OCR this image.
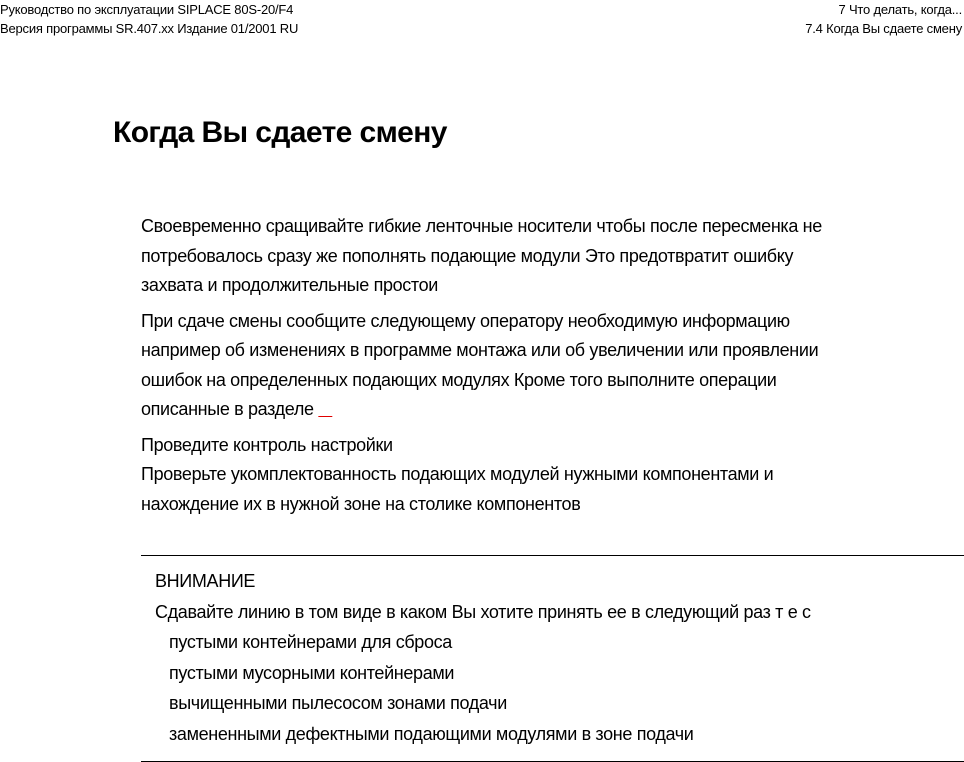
Руководство по эксплуатации SIPLACE 80S-20/F4
Версия программы SR.407.xx Издание 01/2001 RU
7 Что делать, когда...
7.4 Когда Вы сдаете смену
Когда Вы сдаете смену

Своевременно сращивайте гибкие ленточные носители чтобы после пересменка не
потребовалось сразу же пополнять подающие модули Это предотвратит ошибку
захвата и продолжительные простои

При сдаче смены сообщите следующему оператору необходимую информацию
например об изменениях в программе монтажа или об увеличении или проявлении
ошибок на определенных подающих модулях Кроме того выполните операции
описанные в разделе

Проведите контроль настройки

Проверьте укомплектованность подающих модулей нужными компонентами и
нахождение их в нужной зоне на столике компонентов

ВНИМАНИЕ
Сдавайте линию в том виде в каком Вы хотите принять ее в следующий раз т е с
пустыми контейнерами для сброса
пустыми мусорными контейнерами
вычищенными пылесосом зонами подачи
замененными дефектными подающими модулями в зоне подачи
